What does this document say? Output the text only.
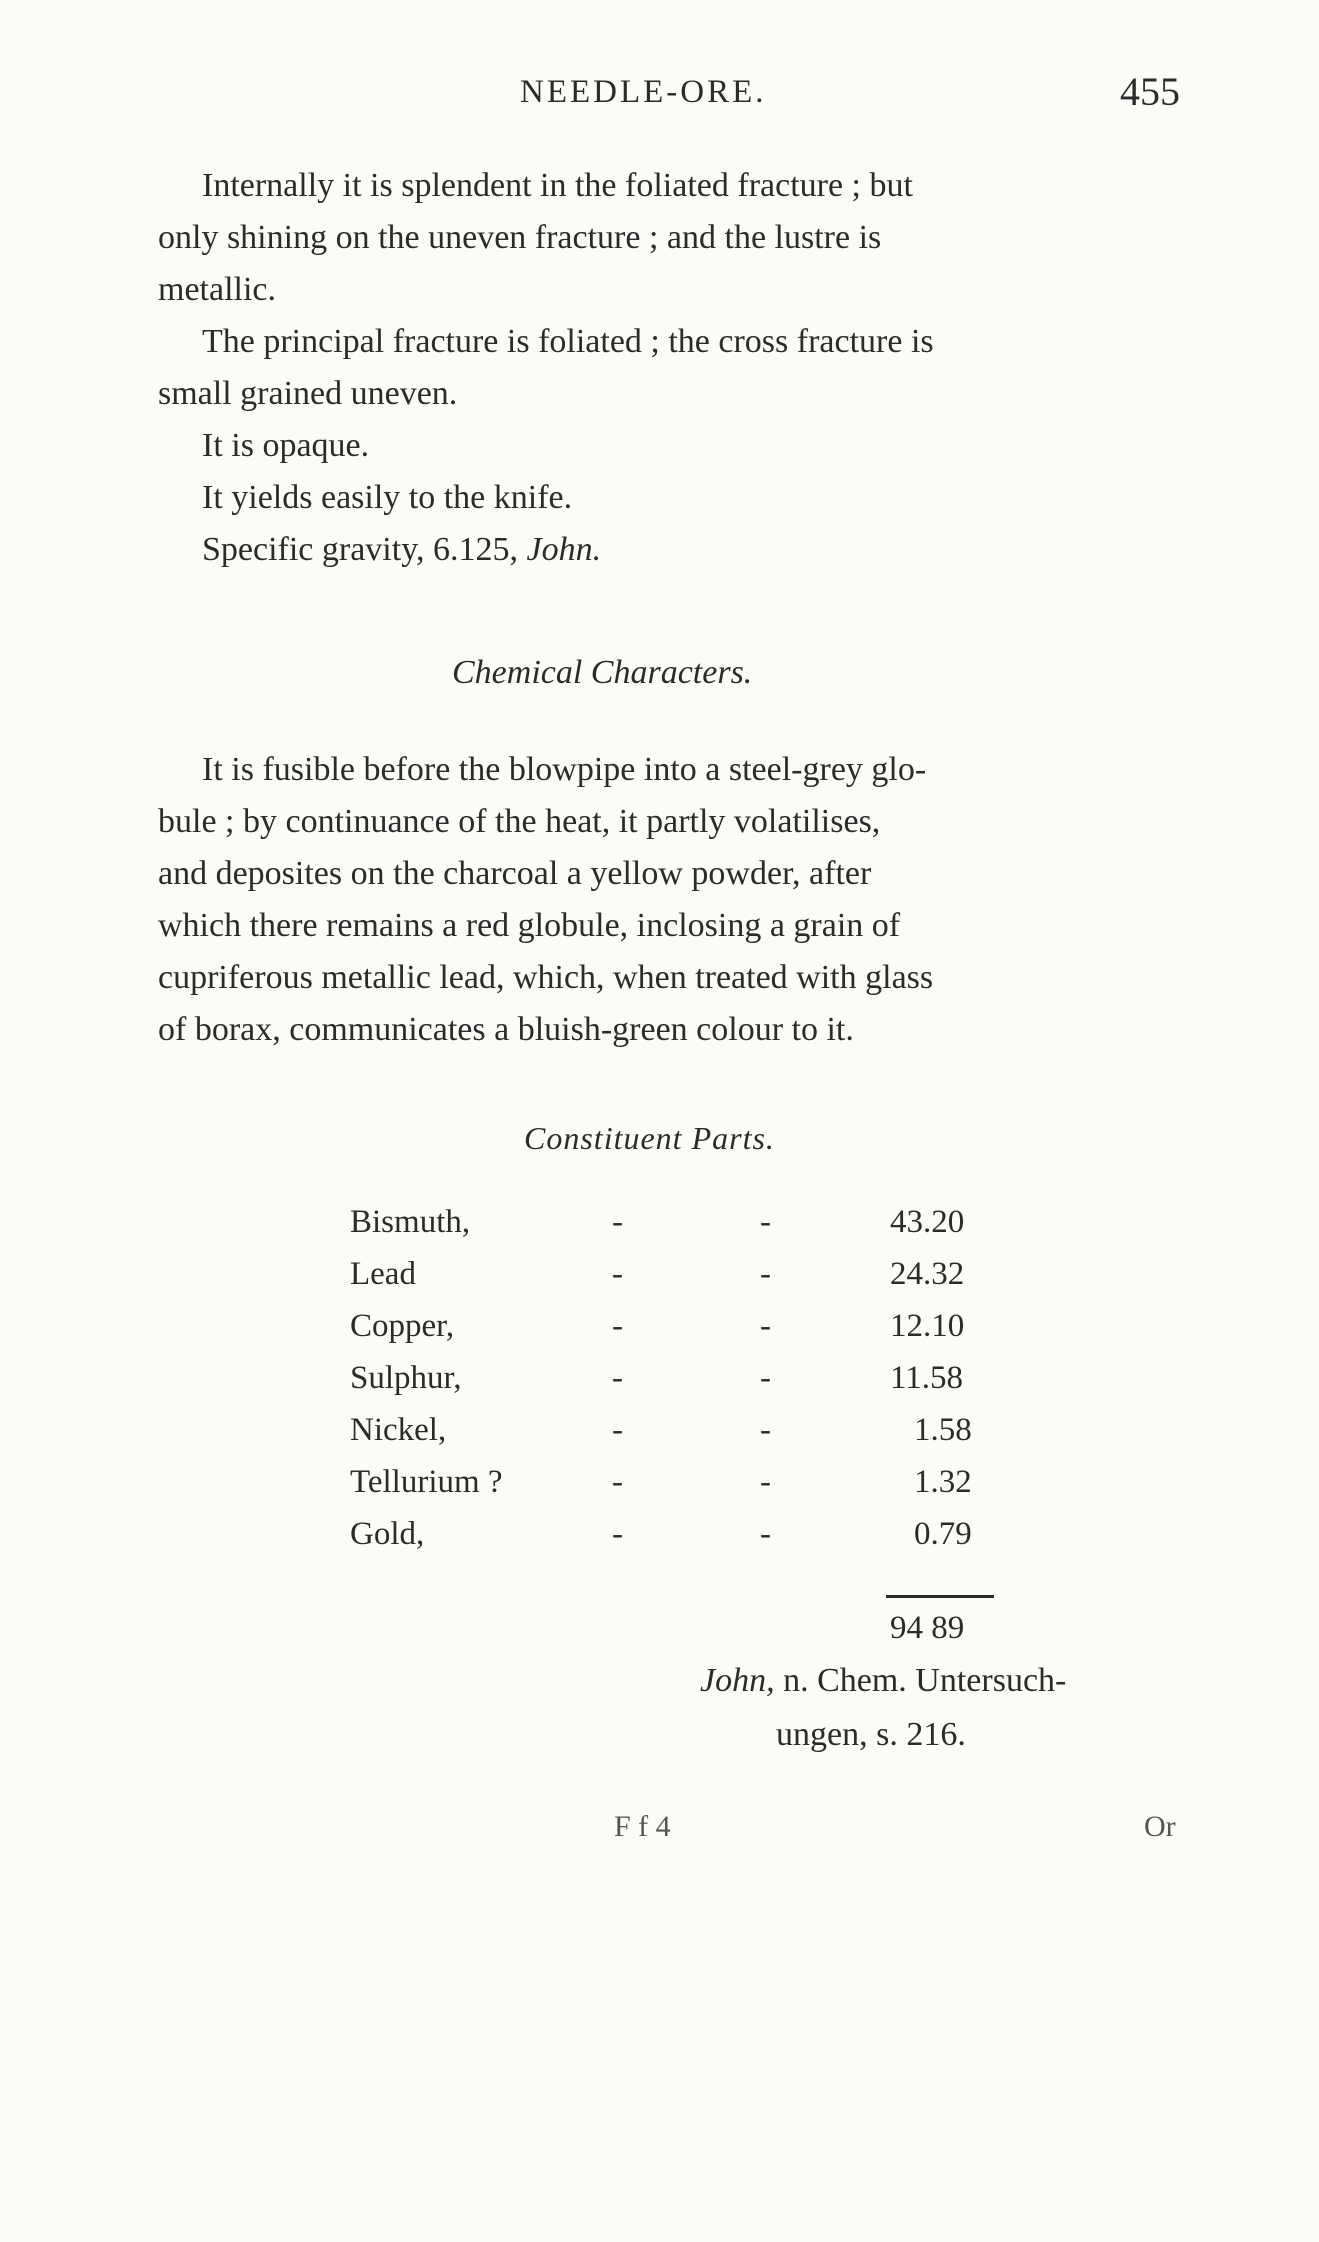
NEEDLE-ORE.	455
Internally it is splendent in the foliated fracture ; but
only shining on the uneven fracture ; and the lustre is
metallic.
The principal fracture is foliated ; the cross fracture is
small grained uneven.
It is opaque.
It yields easily to the knife.
Specific gravity, 6.125, John.
Chemical Characters.
It is fusible before the blowpipe into a steel-grey glo-
bule ; by continuance of the heat, it partly volatilises,
and deposites on the charcoal a yellow powder, after
which there remains a red globule, inclosing a grain of
cupriferous metallic lead, which, when treated with glass
of borax, communicates a bluish-green colour to it.
Constituent Parts.
Bismuth,	-	-	43.20
Lead	-	-	24.32
Copper,	-	-	12.10
Sulphur,	-	-	11.58
Nickel,	-	-	1.58
Tellurium ?	-	-	1.32
Gold,	-	-	0.79
94 89
John, n. Chem. Untersuch-
ungen, s. 216.
F f 4	Or
